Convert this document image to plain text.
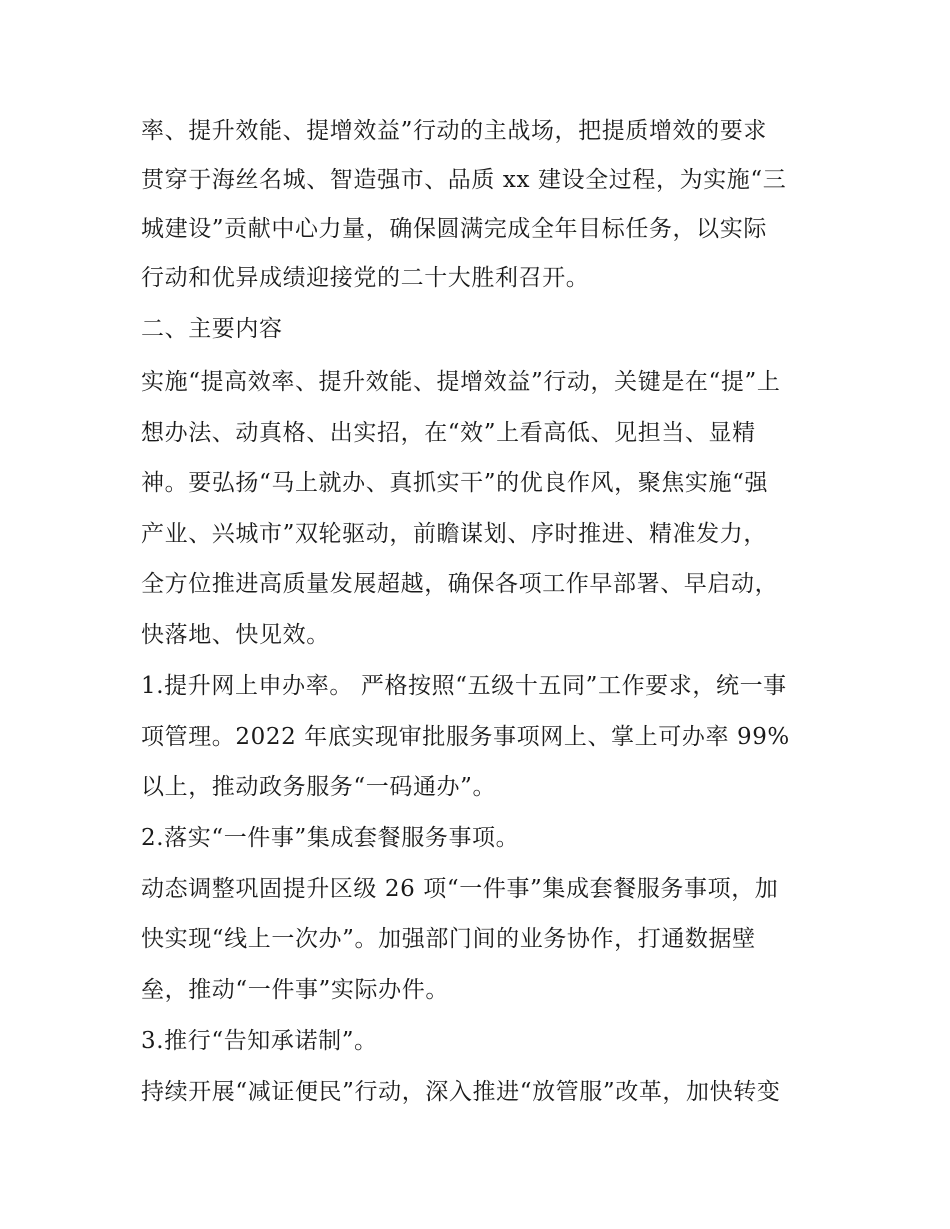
率、提升效能、提增效益”行动的主战场，把提质增效的要求
贯穿于海丝名城、智造强市、品质 xx 建设全过程，为实施“三
城建设”贡献中心力量，确保圆满完成全年目标任务，以实际
行动和优异成绩迎接党的二十大胜利召开。
二、主要内容
实施“提高效率、提升效能、提增效益”行动，关键是在“提”上
想办法、动真格、出实招，在“效”上看高低、见担当、显精
神。要弘扬“马上就办、真抓实干”的优良作风，聚焦实施“强
产业、兴城市”双轮驱动，前瞻谋划、序时推进、精准发力，
全方位推进高质量发展超越，确保各项工作早部署、早启动，
快落地、快见效。
1.提升网上申办率。 严格按照“五级十五同”工作要求，统一事
项管理。2022 年底实现审批服务事项网上、掌上可办率 99%
以上，推动政务服务“一码通办”。
2.落实“一件事”集成套餐服务事项。
动态调整巩固提升区级 26 项“一件事”集成套餐服务事项，加
快实现“线上一次办”。加强部门间的业务协作，打通数据壁
垒，推动“一件事”实际办件。
3.推行“告知承诺制”。
持续开展“减证便民”行动，深入推进“放管服”改革，加快转变
